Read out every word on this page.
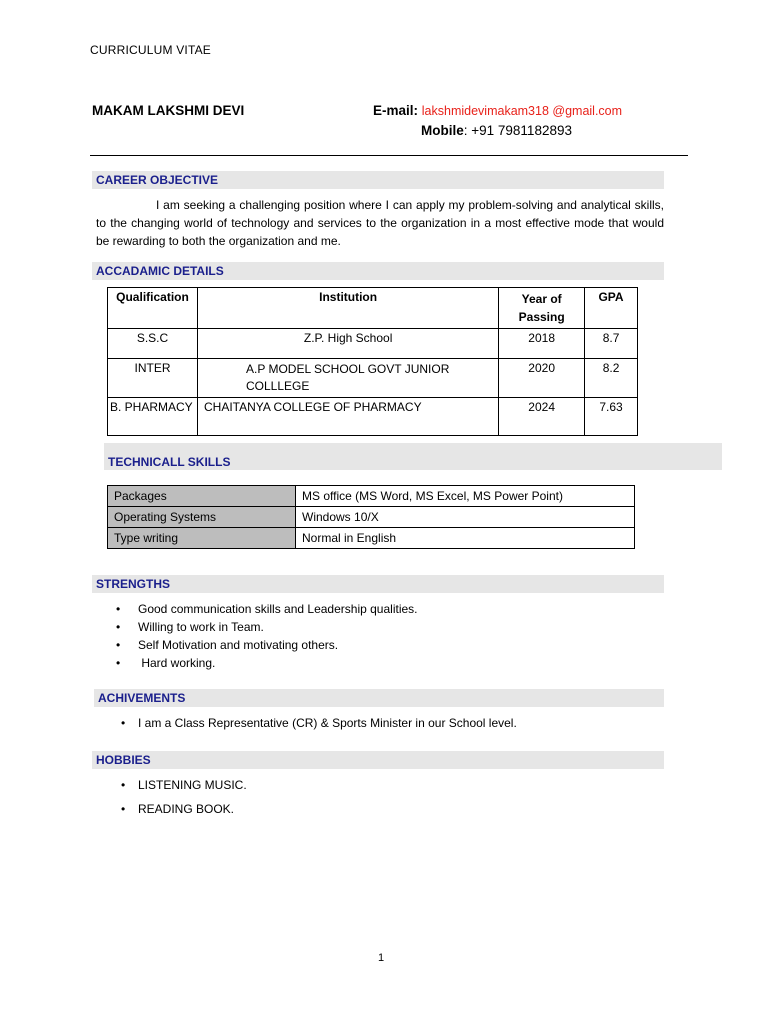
CURRICULUM VITAE
MAKAM LAKSHMI DEVI	E-mail: lakshmidevimakam318 @gmail.com
Mobile: +91 7981182893
CAREER OBJECTIVE
I am seeking a challenging position where I can apply my problem-solving and analytical skills, to the changing world of technology and services to the organization in a most effective mode that would be rewarding to both the organization and me.
ACCADAMIC DETAILS
Qualification	Institution	Year of Passing	GPA
S.S.C	Z.P. High School	2018	8.7
INTER	A.P MODEL SCHOOL GOVT JUNIOR COLLLEGE	2020	8.2
B. PHARMACY	CHAITANYA COLLEGE OF PHARMACY	2024	7.63
TECHNICALL SKILLS
Packages	MS office (MS Word, MS Excel, MS Power Point)
Operating Systems	Windows 10/X
Type writing	Normal in English
STRENGTHS
• Good communication skills and Leadership qualities.
• Willing to work in Team.
• Self Motivation and motivating others.
•  Hard working.
ACHIVEMENTS
• I am a Class Representative (CR) & Sports Minister in our School level.
HOBBIES
• LISTENING MUSIC.
• READING BOOK.
1
